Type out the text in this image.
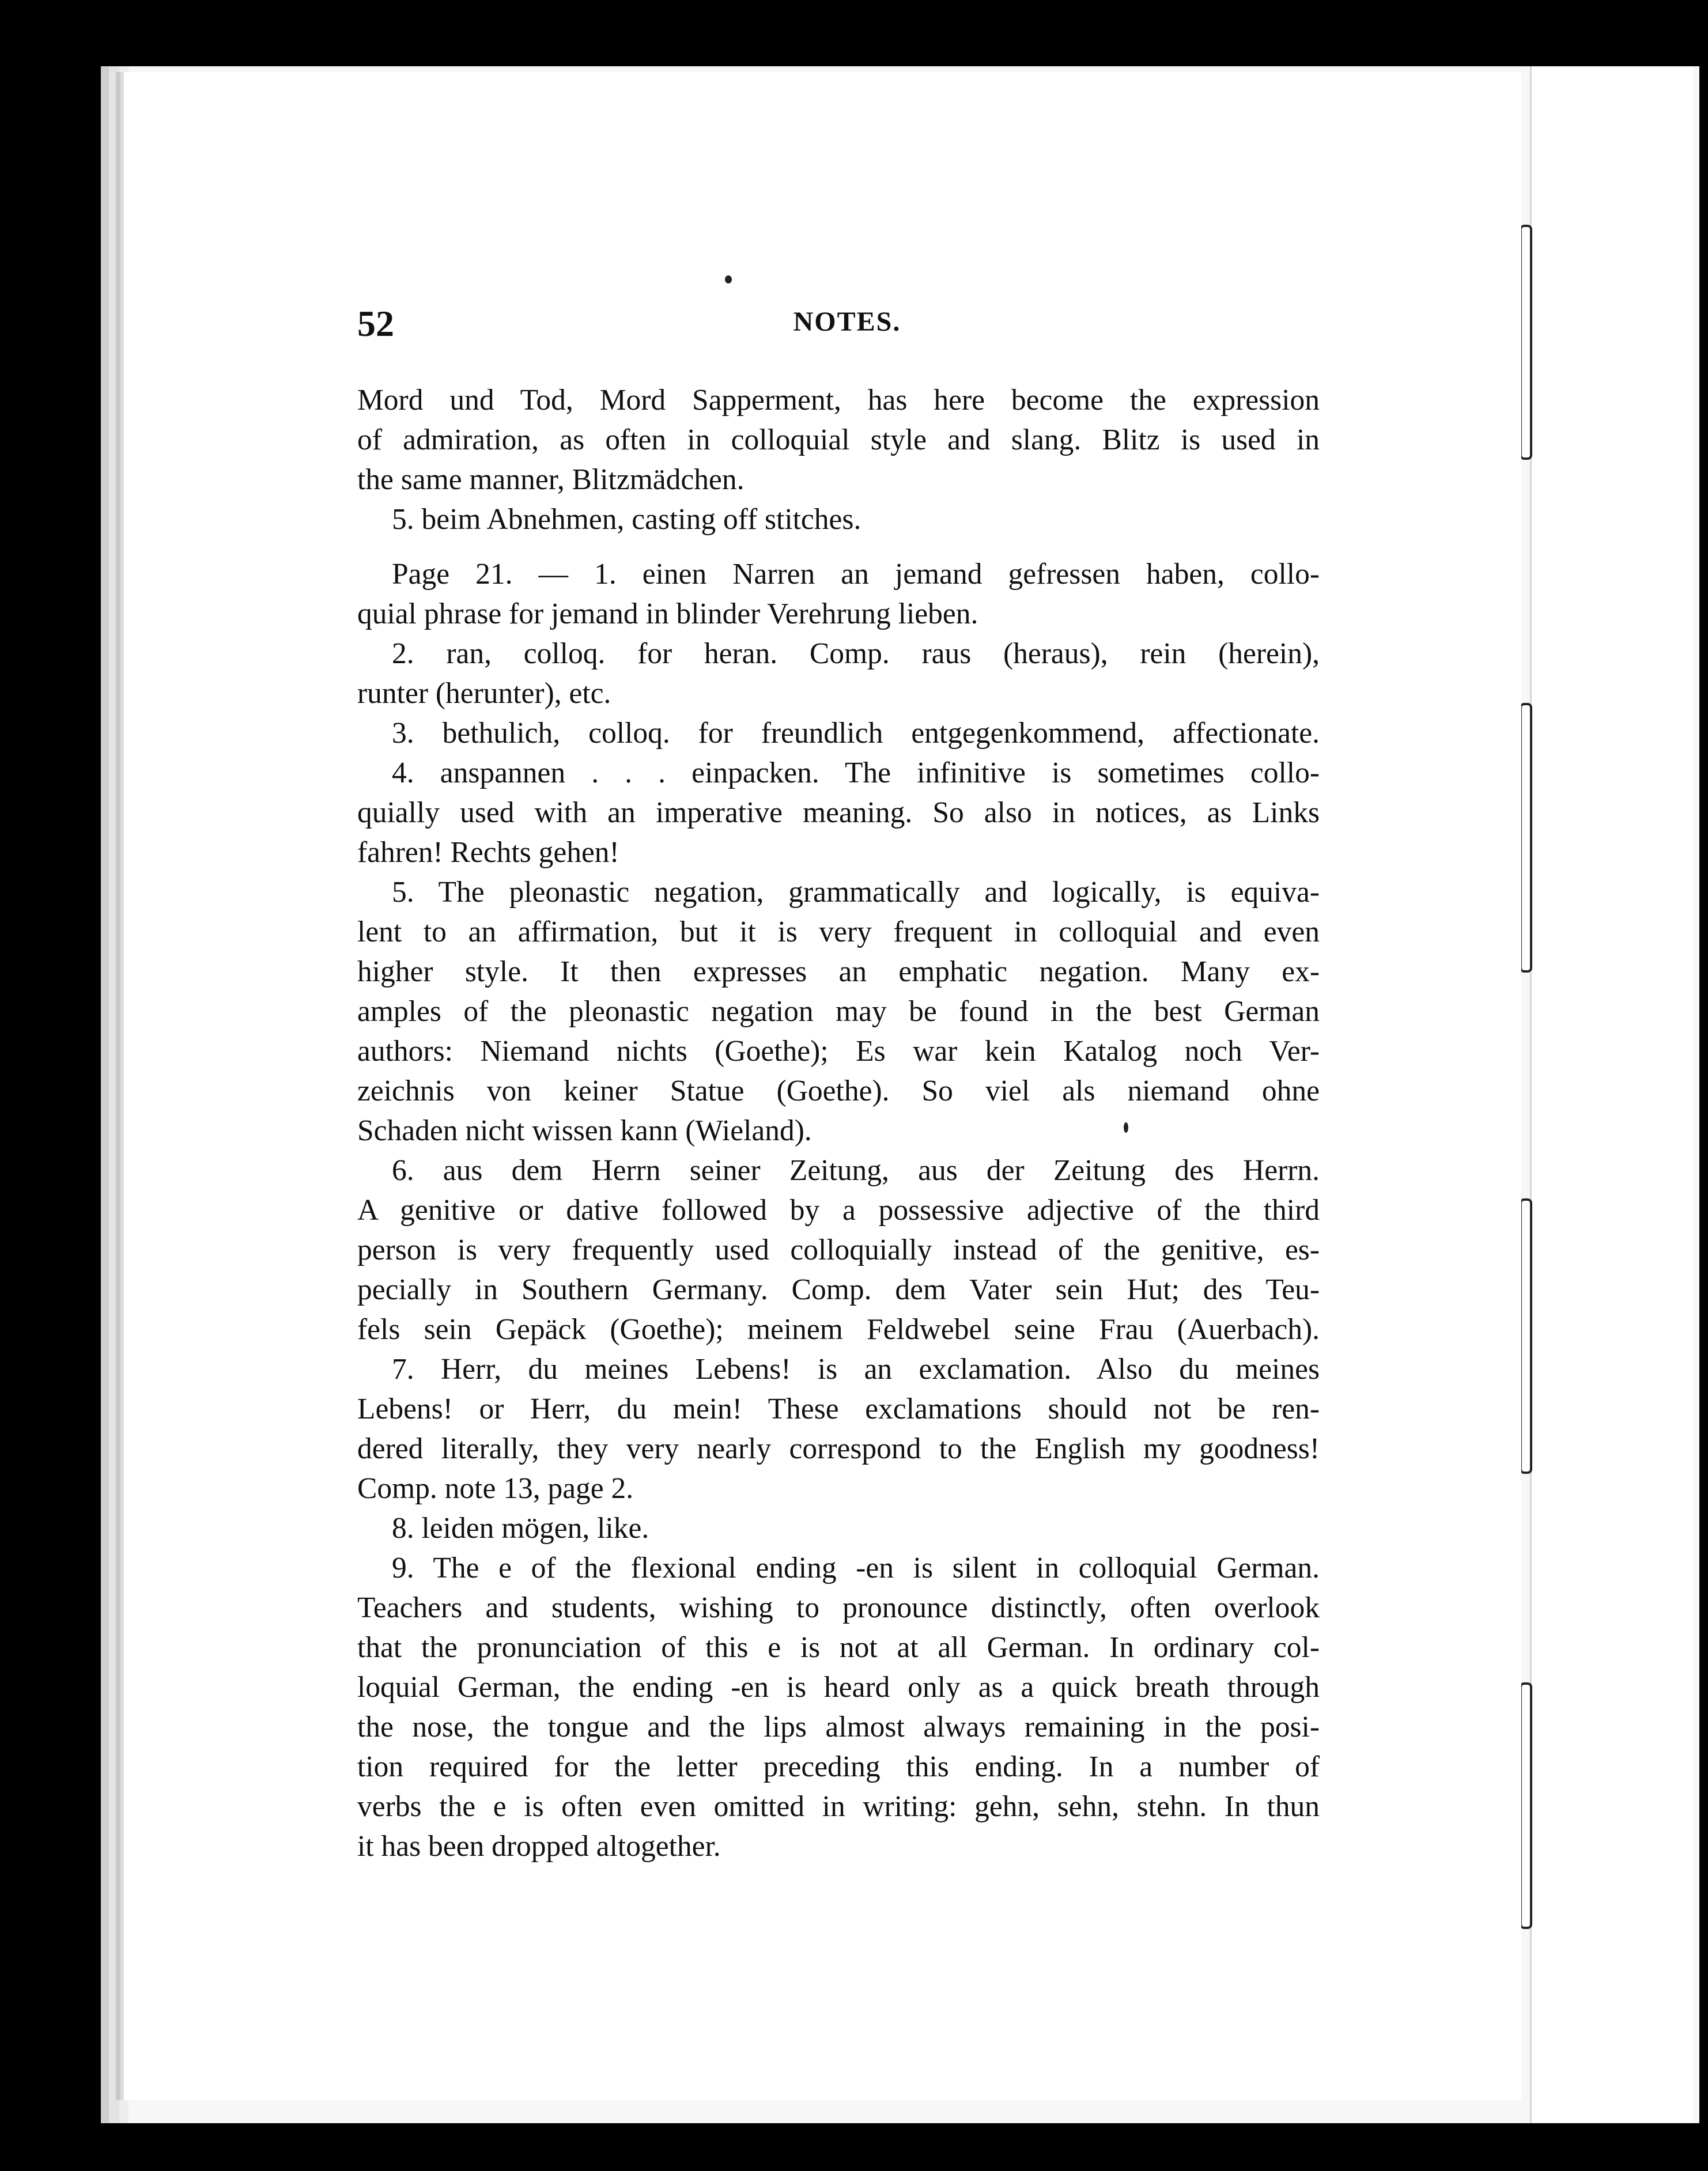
52	NOTES.
Mord und Tod, Mord Sapperment, has here become the expression
of admiration, as often in colloquial style and slang. Blitz is used in
the same manner, Blitzmädchen.
5. beim Abnehmen, casting off stitches.
Page 21. — 1. einen Narren an jemand gefressen haben, collo-
quial phrase for jemand in blinder Verehrung lieben.
2. ran, colloq. for heran. Comp. raus (heraus), rein (herein),
runter (herunter), etc.
3. bethulich, colloq. for freundlich entgegenkommend, affectionate.
4. anspannen . . . einpacken. The infinitive is sometimes collo-
quially used with an imperative meaning. So also in notices, as Links
fahren! Rechts gehen!
5. The pleonastic negation, grammatically and logically, is equiva-
lent to an affirmation, but it is very frequent in colloquial and even
higher style. It then expresses an emphatic negation. Many ex-
amples of the pleonastic negation may be found in the best German
authors: Niemand nichts (Goethe); Es war kein Katalog noch Ver-
zeichnis von keiner Statue (Goethe). So viel als niemand ohne
Schaden nicht wissen kann (Wieland).
6. aus dem Herrn seiner Zeitung, aus der Zeitung des Herrn.
A genitive or dative followed by a possessive adjective of the third
person is very frequently used colloquially instead of the genitive, es-
pecially in Southern Germany. Comp. dem Vater sein Hut; des Teu-
fels sein Gepäck (Goethe); meinem Feldwebel seine Frau (Auerbach).
7. Herr, du meines Lebens! is an exclamation. Also du meines
Lebens! or Herr, du mein! These exclamations should not be ren-
dered literally, they very nearly correspond to the English my goodness!
Comp. note 13, page 2.
8. leiden mögen, like.
9. The e of the flexional ending -en is silent in colloquial German.
Teachers and students, wishing to pronounce distinctly, often overlook
that the pronunciation of this e is not at all German. In ordinary col-
loquial German, the ending -en is heard only as a quick breath through
the nose, the tongue and the lips almost always remaining in the posi-
tion required for the letter preceding this ending. In a number of
verbs the e is often even omitted in writing: gehn, sehn, stehn. In thun
it has been dropped altogether.
